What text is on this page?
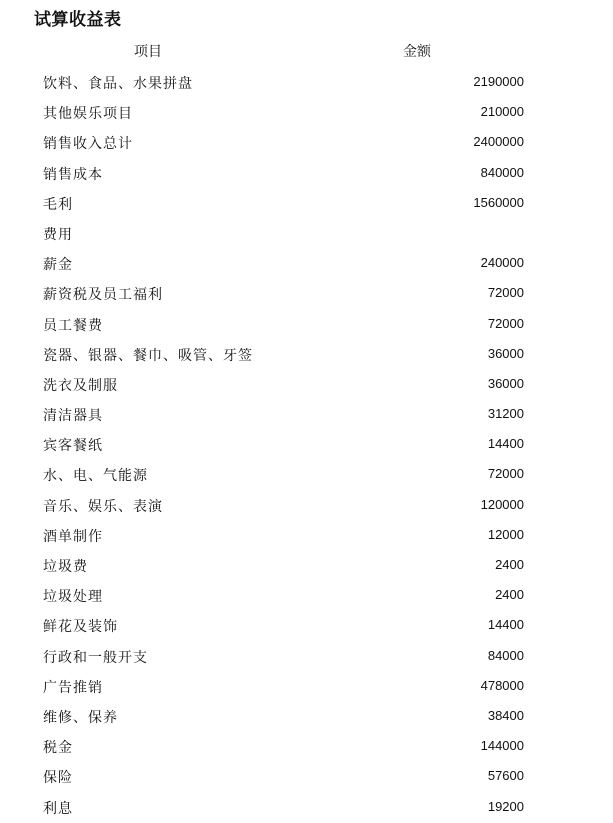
试算收益表
项目	金额
饮料、食品、水果拼盘	2190000
其他娱乐项目	210000
销售收入总计	2400000
销售成本	840000
毛利	1560000
费用
薪金	240000
薪资税及员工福利	72000
员工餐费	72000
瓷器、银器、餐巾、吸管、牙签	36000
洗衣及制服	36000
清洁器具	31200
宾客餐纸	14400
水、电、气能源	72000
音乐、娱乐、表演	120000
酒单制作	12000
垃圾费	2400
垃圾处理	2400
鲜花及装饰	14400
行政和一般开支	84000
广告推销	478000
维修、保养	38400
税金	144000
保险	57600
利息	19200
